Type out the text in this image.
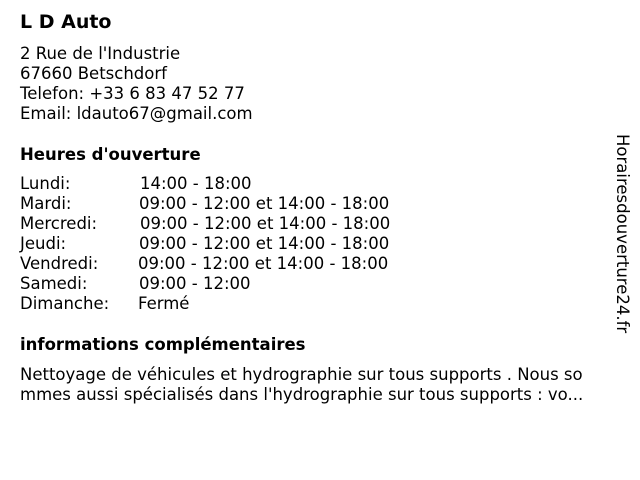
L D Auto
2 Rue de l'Industrie
67660 Betschdorf
Telefon: +33 6 83 47 52 77
Email: ldauto67@gmail.com
Heures d'ouverture
Lundi:	14:00 - 18:00
Mardi:	09:00 - 12:00 et 14:00 - 18:00
Mercredi:	09:00 - 12:00 et 14:00 - 18:00
Jeudi:	09:00 - 12:00 et 14:00 - 18:00
Vendredi: 09:00 - 12:00 et 14:00 - 18:00
Samedi:	09:00 - 12:00
Dimanche: Fermé
informations complémentaires
Nettoyage de véhicules et hydrographie sur tous supports . Nous so
mmes aussi spécialisés dans l'hydrographie sur tous supports : vo...
Horairesdouverture24.fr
